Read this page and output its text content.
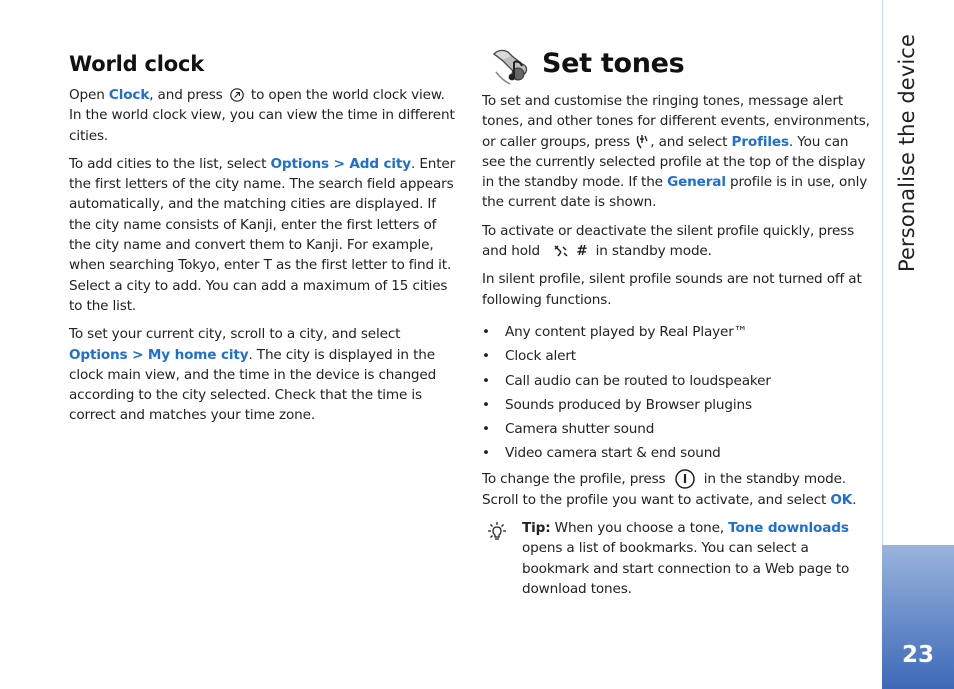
World clock

Open Clock, and press  to open the world clock view. In the world clock view, you can view the time in different cities.

To add cities to the list, select Options > Add city. Enter the first letters of the city name. The search field appears automatically, and the matching cities are displayed. If the city name consists of Kanji, enter the first letters of the city name and convert them to Kanji. For example, when searching Tokyo, enter T as the first letter to find it. Select a city to add. You can add a maximum of 15 cities to the list.

To set your current city, scroll to a city, and select Options > My home city. The city is displayed in the clock main view, and the time in the device is changed according to the city selected. Check that the time is correct and matches your time zone.

Set tones

To set and customise the ringing tones, message alert tones, and other tones for different events, environments, or caller groups, press , and select Profiles. You can see the currently selected profile at the top of the display in the standby mode. If the General profile is in use, only the current date is shown.

To activate or deactivate the silent profile quickly, press and hold # in standby mode.

In silent profile, silent profile sounds are not turned off at following functions.

• Any content played by Real Player™
• Clock alert
• Call audio can be routed to loudspeaker
• Sounds produced by Browser plugins
• Camera shutter sound
• Video camera start & end sound

To change the profile, press  in the standby mode. Scroll to the profile you want to activate, and select OK.

Tip: When you choose a tone, Tone downloads opens a list of bookmarks. You can select a bookmark and start connection to a Web page to download tones.

23
